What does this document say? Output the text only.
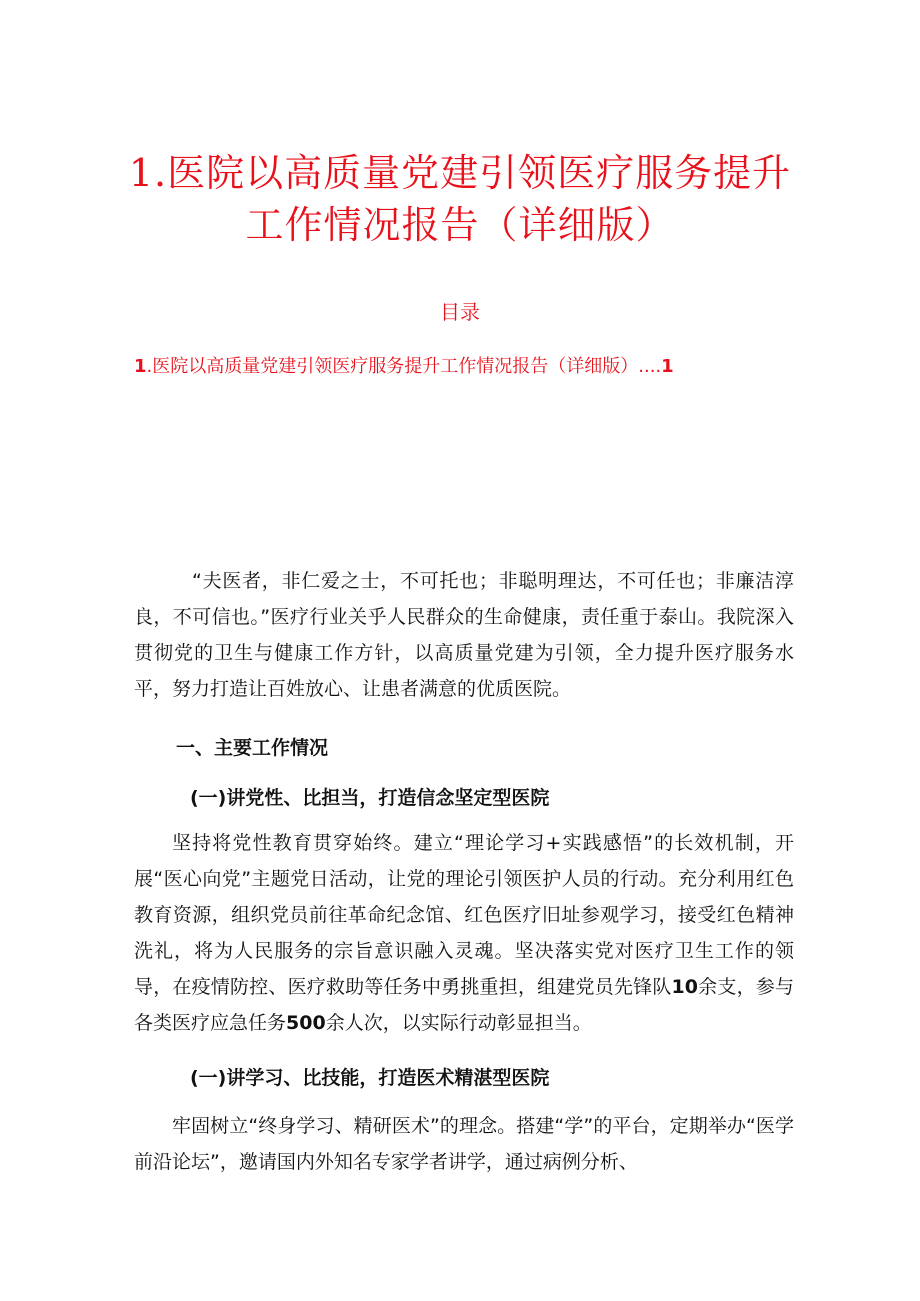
1.医院以高质量党建引领医疗服务提升
工作情况报告（详细版）
目录
1.医院以高质量党建引领医疗服务提升工作情况报告（详细版）....1

“夫医者，非仁爱之士，不可托也；非聪明理达，不可任也；非廉洁淳良，不可信也。”医疗行业关乎人民群众的生命健康，责任重于泰山。我院深入贯彻党的卫生与健康工作方针，以高质量党建为引领，全力提升医疗服务水平，努力打造让百姓放心、让患者满意的优质医院。

一、主要工作情况
(一)讲党性、比担当，打造信念坚定型医院

坚持将党性教育贯穿始终。建立“理论学习+实践感悟”的长效机制，开展“医心向党”主题党日活动，让党的理论引领医护人员的行动。充分利用红色教育资源，组织党员前往革命纪念馆、红色医疗旧址参观学习，接受红色精神洗礼，将为人民服务的宗旨意识融入灵魂。坚决落实党对医疗卫生工作的领导，在疫情防控、医疗救助等任务中勇挑重担，组建党员先锋队10余支，参与各类医疗应急任务500余人次，以实际行动彰显担当。

(一)讲学习、比技能，打造医术精湛型医院

牢固树立“终身学习、精研医术”的理念。搭建“学”的平台，定期举办“医学前沿论坛”，邀请国内外知名专家学者讲学，通过病例分析、
